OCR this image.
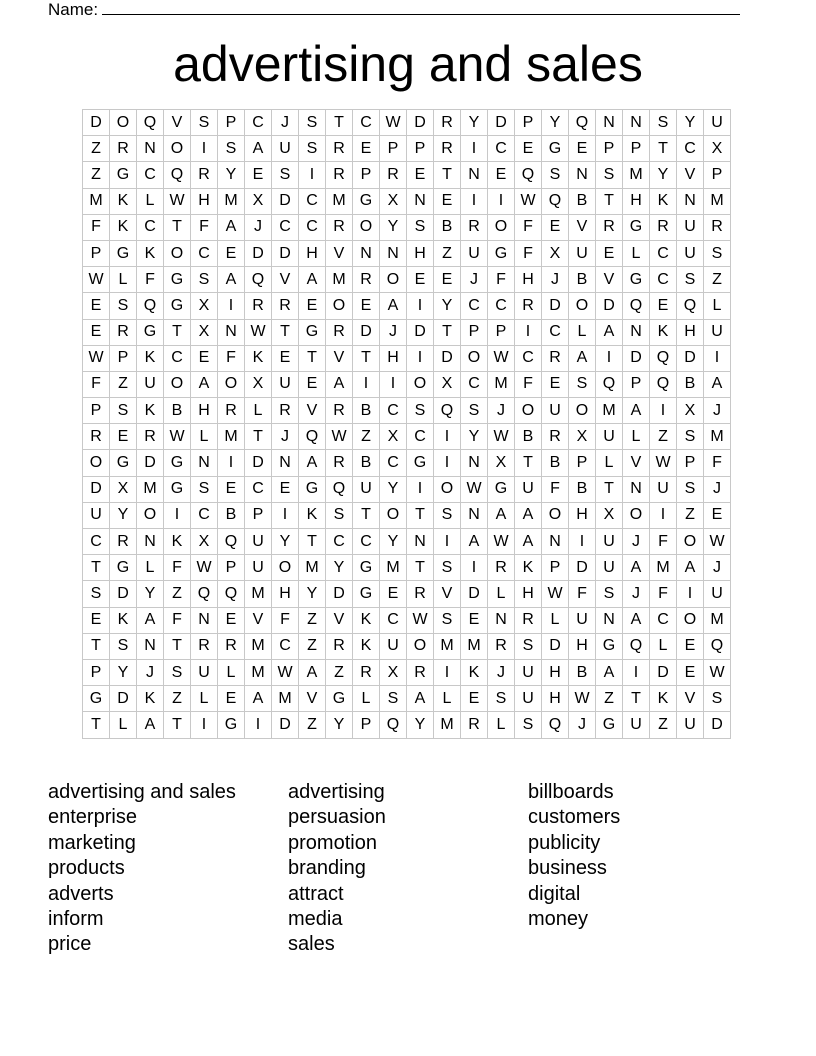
Name:
advertising and sales
D	O	Q	V	S	P	C	J	S	T	C	W	D	R	Y	D	P	Y	Q	N	N	S	Y	U
Z	R	N	O	I	S	A	U	S	R	E	P	P	R	I	C	E	G	E	P	P	T	C	X
Z	G	C	Q	R	Y	E	S	I	R	P	R	E	T	N	E	Q	S	N	S	M	Y	V	P
M	K	L	W	H	M	X	D	C	M	G	X	N	E	I	I	W	Q	B	T	H	K	N	M
F	K	C	T	F	A	J	C	C	R	O	Y	S	B	R	O	F	E	V	R	G	R	U	R
P	G	K	O	C	E	D	D	H	V	N	N	H	Z	U	G	F	X	U	E	L	C	U	S
W	L	F	G	S	A	Q	V	A	M	R	O	E	E	J	F	H	J	B	V	G	C	S	Z
E	S	Q	G	X	I	R	R	E	O	E	A	I	Y	C	C	R	D	O	D	Q	E	Q	L
E	R	G	T	X	N	W	T	G	R	D	J	D	T	P	P	I	C	L	A	N	K	H	U
W	P	K	C	E	F	K	E	T	V	T	H	I	D	O	W	C	R	A	I	D	Q	D	I
F	Z	U	O	A	O	X	U	E	A	I	I	O	X	C	M	F	E	S	Q	P	Q	B	A
P	S	K	B	H	R	L	R	V	R	B	C	S	Q	S	J	O	U	O	M	A	I	X	J
R	E	R	W	L	M	T	J	Q	W	Z	X	C	I	Y	W	B	R	X	U	L	Z	S	M
O	G	D	G	N	I	D	N	A	R	B	C	G	I	N	X	T	B	P	L	V	W	P	F
D	X	M	G	S	E	C	E	G	Q	U	Y	I	O	W	G	U	F	B	T	N	U	S	J
U	Y	O	I	C	B	P	I	K	S	T	O	T	S	N	A	A	O	H	X	O	I	Z	E
C	R	N	K	X	Q	U	Y	T	C	C	Y	N	I	A	W	A	N	I	U	J	F	O	W
T	G	L	F	W	P	U	O	M	Y	G	M	T	S	I	R	K	P	D	U	A	M	A	J
S	D	Y	Z	Q	Q	M	H	Y	D	G	E	R	V	D	L	H	W	F	S	J	F	I	U
E	K	A	F	N	E	V	F	Z	V	K	C	W	S	E	N	R	L	U	N	A	C	O	M
T	S	N	T	R	R	M	C	Z	R	K	U	O	M	M	R	S	D	H	G	Q	L	E	Q
P	Y	J	S	U	L	M	W	A	Z	R	X	R	I	K	J	U	H	B	A	I	D	E	W
G	D	K	Z	L	E	A	M	V	G	L	S	A	L	E	S	U	H	W	Z	T	K	V	S
T	L	A	T	I	G	I	D	Z	Y	P	Q	Y	M	R	L	S	Q	J	G	U	Z	U	D
advertising and sales
enterprise
marketing
products
adverts
inform
price
advertising
persuasion
promotion
branding
attract
media
sales
billboards
customers
publicity
business
digital
money
